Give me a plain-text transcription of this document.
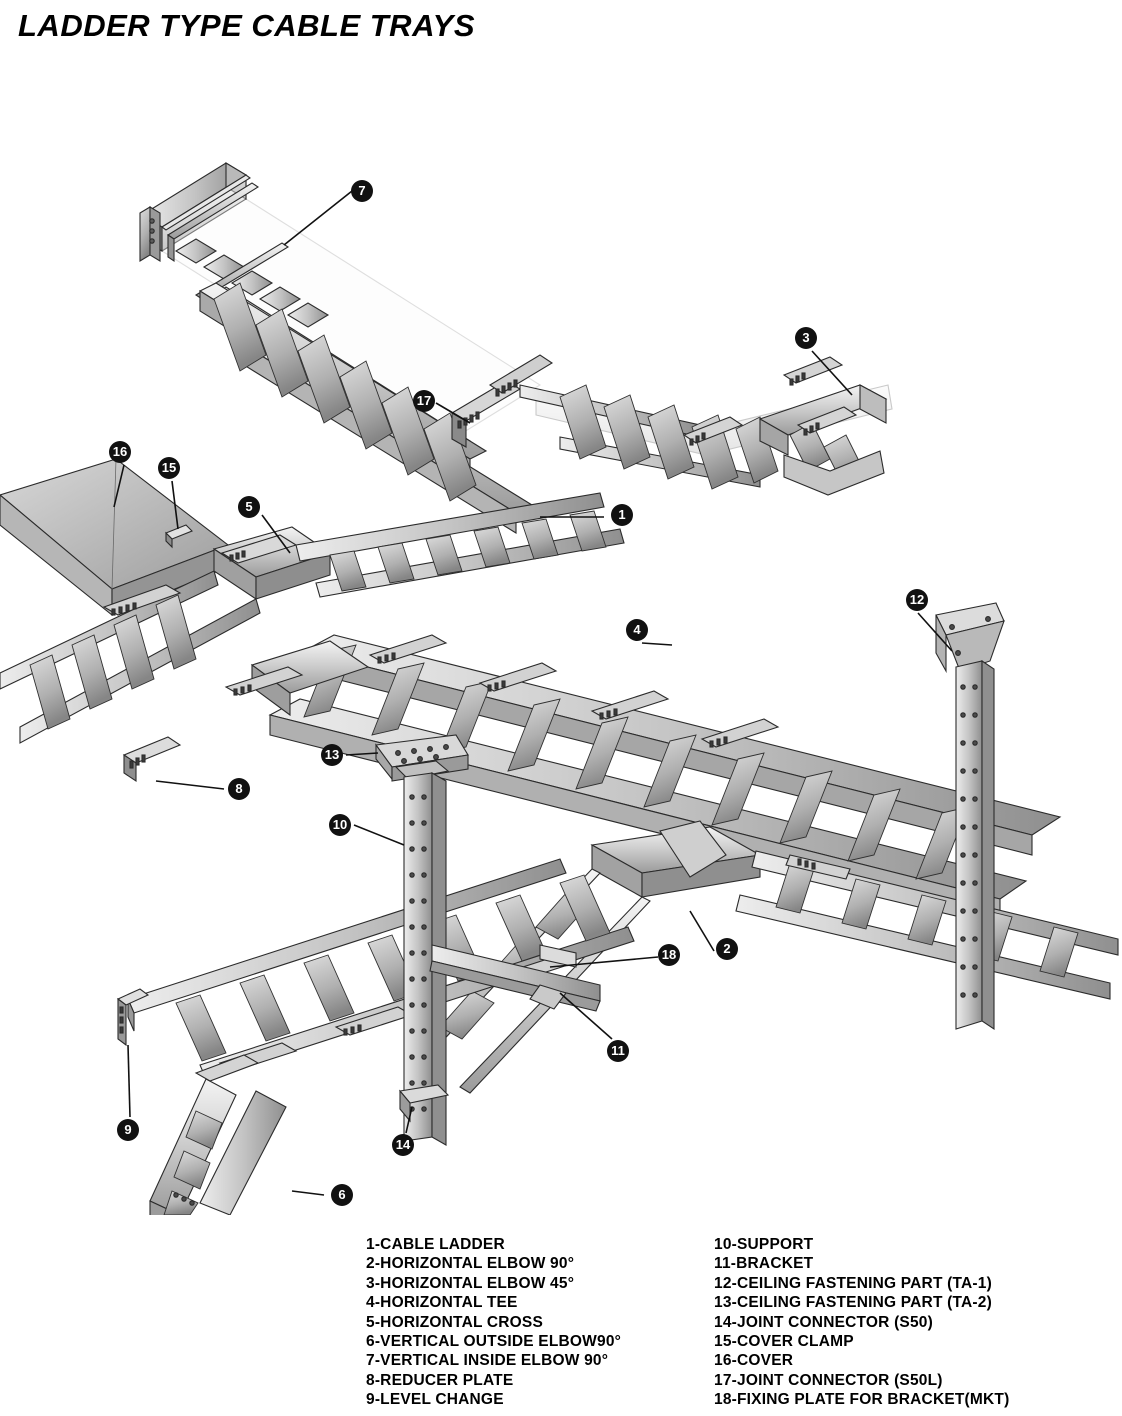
LADDER TYPE CABLE TRAYS
7
3
1
4
5
6
8
9
10
11
12
13
14
15
16
17
18	2
1-CABLE LADDER
2-HORIZONTAL ELBOW 90°
3-HORIZONTAL ELBOW 45°
4-HORIZONTAL TEE
5-HORIZONTAL CROSS
6-VERTICAL OUTSIDE ELBOW90°
7-VERTICAL INSIDE ELBOW 90°
8-REDUCER PLATE
9-LEVEL CHANGE
10-SUPPORT
11-BRACKET
12-CEILING FASTENING PART (TA-1)
13-CEILING FASTENING PART (TA-2)
14-JOINT CONNECTOR (S50)
15-COVER CLAMP
16-COVER
17-JOINT CONNECTOR (S50L)
18-FIXING PLATE FOR BRACKET(MKT)
